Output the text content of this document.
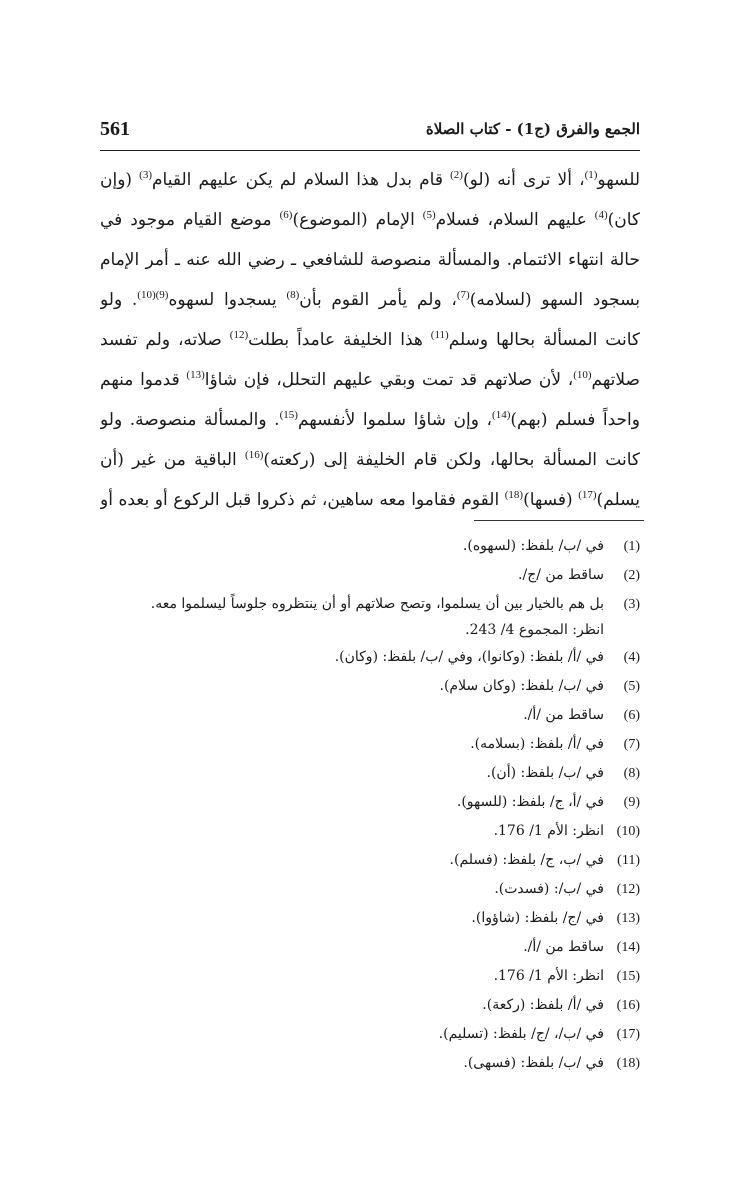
561	الجمع والفرق (ج1) - كتاب الصلاة
للسهو$^{(1)}$، ألا ترى أنه (لو)$^{(2)}$ قام بدل هذا السلام لم يكن عليهم القيام$^{(3)}$ (وإن
كان)$^{(4)}$ عليهم السلام، فسلام$^{(5)}$ الإمام (الموضوع)$^{(6)}$ موضع القيام موجود في
حالة انتهاء الائتمام. والمسألة منصوصة للشافعي ـ رضي الله عنه ـ أمر الإمام
بسجود السهو (لسلامه)$^{(7)}$، ولم يأمر القوم بأن$^{(8)}$ يسجدوا لسهوه$^{(9)(10)}$. ولو
كانت المسألة بحالها وسلم$^{(11)}$ هذا الخليفة عامداً بطلت$^{(12)}$ صلاته، ولم تفسد
صلاتهم$^{(10)}$، لأن صلاتهم قد تمت وبقي عليهم التحلل، فإن شاؤا$^{(13)}$ قدموا منهم
واحداً فسلم (بهم)$^{(14)}$، وإن شاؤا سلموا لأنفسهم$^{(15)}$. والمسألة منصوصة. ولو
كانت المسألة بحالها، ولكن قام الخليفة إلى (ركعته)$^{(16)}$ الباقية من غير (أن
يسلم)$^{(17)}$ (فسها)$^{(18)}$ القوم فقاموا معه ساهين، ثم ذكروا قبل الركوع أو بعده أو
(1)
في /ب/ بلفظ: (لسهوه).
(2)
ساقط من /ج/.
(3)
بل هم بالخيار بين أن يسلموا، وتصح صلاتهم أو أن ينتظروه جلوساً ليسلموا معه.
انظر: المجموع 4/ 243.
(4)
في /أ/ بلفظ: (وكانوا)، وفي /ب/ بلفظ: (وكان).
(5)
في /ب/ بلفظ: (وكان سلام).
(6)
ساقط من /أ/.
(7)
في /أ/ بلفظ: (بسلامه).
(8)
في /ب/ بلفظ: (أن).
(9)
في /أ، ج/ بلفظ: (للسهو).
(10)
انظر: الأم 1/ 176.
(11)
في /ب، ج/ بلفظ: (فسلم).
(12)
في /ب/: (فسدت).
(13)
في /ج/ بلفظ: (شاؤوا).
(14)
ساقط من /أ/.
(15)
انظر: الأم 1/ 176.
(16)
في /أ/ بلفظ: (ركعة).
(17)
في /ب/، /ج/ بلفظ: (تسليم).
(18)
في /ب/ بلفظ: (فسهى).
